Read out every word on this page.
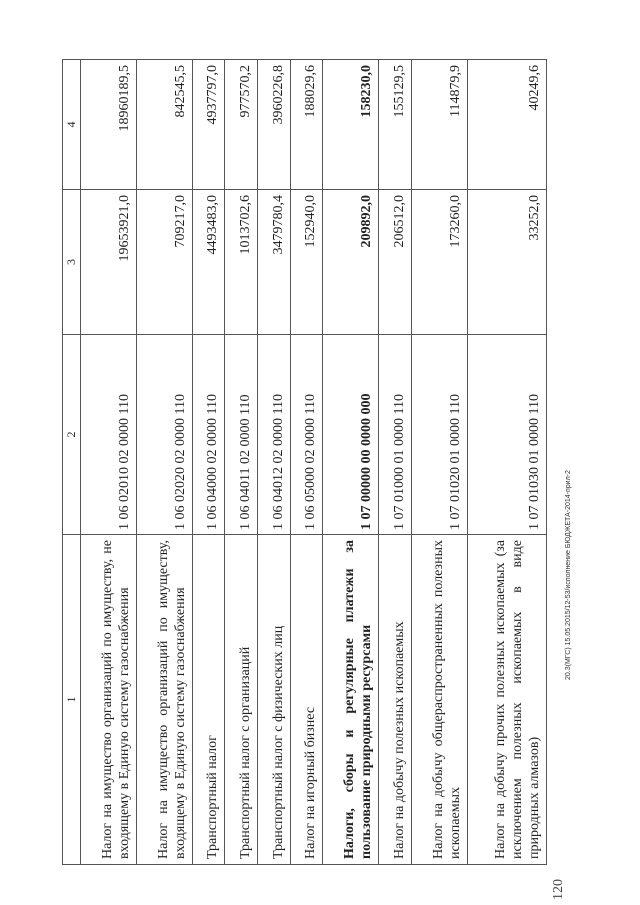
1	2	3	4
Налог на имущество организаций по имуществу, не входящему в Единую систему газоснабжения	1 06 02010 02 0000 110	19653921,0	18960189,5
Налог на имущество организаций по имуществу, входящему в Единую систему газоснабжения	1 06 02020 02 0000 110	709217,0	842545,5
Транспортный налог	1 06 04000 02 0000 110	4493483,0	4937797,0
Транспортный налог с организаций	1 06 04011 02 0000 110	1013702,6	977570,2
Транспортный налог с физических лиц	1 06 04012 02 0000 110	3479780,4	3960226,8
Налог на игорный бизнес	1 06 05000 02 0000 110	152940,0	188029,6
Налоги, сборы и регулярные платежи за пользование природными ресурсами	1 07 00000 00 0000 000	209892,0	158230,0
Налог на добычу полезных ископаемых	1 07 01000 01 0000 110	206512,0	155129,5
Налог на добычу общераспространенных полезных ископаемых	1 07 01020 01 0000 110	173260,0	114879,9
Налог на добычу прочих полезных ископаемых (за исключением полезных ископаемых в виде природных алмазов)	1 07 01030 01 0000 110	33252,0	40249,6
20.3(МГС) 15.05.2015/12-53/исполнение БЮДЖЕТА-2014-прил-2
120
